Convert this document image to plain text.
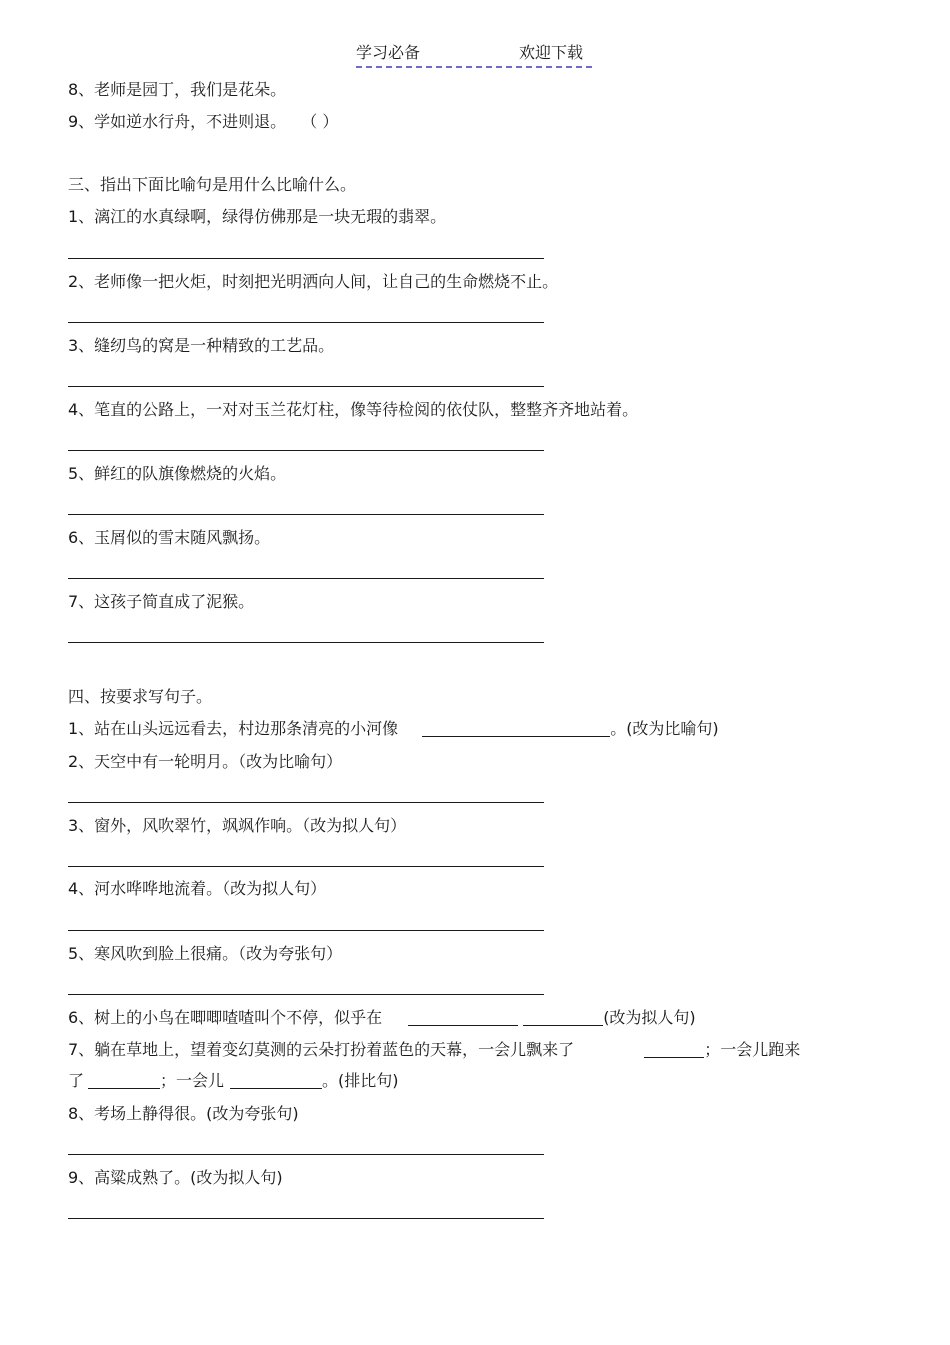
学习必备	欢迎下载
8、老师是园丁，我们是花朵。
9、学如逆水行舟，不进则退。 （ ）
三、指出下面比喻句是用什么比喻什么。
1、漓江的水真绿啊，绿得仿佛那是一块无瑕的翡翠。
2、老师像一把火炬，时刻把光明洒向人间，让自己的生命燃烧不止。
3、缝纫鸟的窝是一种精致的工艺品。
4、笔直的公路上，一对对玉兰花灯柱，像等待检阅的依仗队，整整齐齐地站着。
5、鲜红的队旗像燃烧的火焰。
6、玉屑似的雪末随风飘扬。
7、这孩子简直成了泥猴。
四、按要求写句子。
1、站在山头远远看去，村边那条清亮的小河像	。(改为比喻句)
2、天空中有一轮明月。（改为比喻句）
3、窗外，风吹翠竹，飒飒作响。（改为拟人句）
4、河水哗哗地流着。（改为拟人句）
5、寒风吹到脸上很痛。（改为夸张句）
6、树上的小鸟在唧唧喳喳叫个不停，似乎在	(改为拟人句)
7、躺在草地上，望着变幻莫测的云朵打扮着蓝色的天幕，一会儿飘来了	；一会儿跑来
了	；一会儿	。(排比句)
8、考场上静得很。(改为夸张句)
9、高粱成熟了。(改为拟人句)
